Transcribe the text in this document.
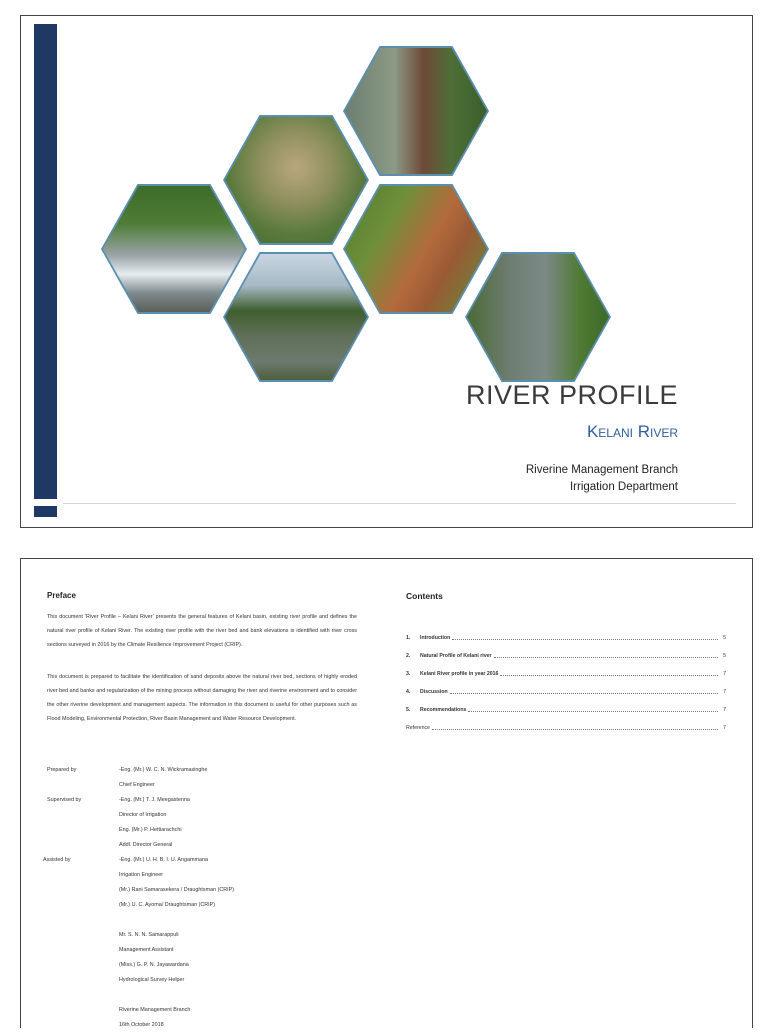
RIVER PROFILE
Kelani River
Riverine Management Branch
Irrigation Department
Preface
This document 'River Profile – Kelani River' presents the general features of Kelani basin, existing river profile and defines the natural river profile of Kelani River. The existing river profile with the river bed and bank elevations is identified with river cross sections surveyed in 2016 by the Climate Resilience Improvement Project (CRIP).
This document is prepared to facilitate the identification of sand deposits above the natural river bed, sections of highly eroded river bed and banks and regularization of the mining process without damaging the river and riverine environment and to consider the other riverine development and management aspects. The information in this document is useful for other purposes such as Flood Modeling, Environmental Protection, River Basin Management and Water Resource Development.
Prepared by	-Eng. (Mr.) W. C. N. Wickramasinghe
Chief Engineer
Supervised by	-Eng. (Mr.) T. J. Meegastenna
Director of Irrigation
Eng. (Mr.) P. Hettiarachchi
Addl. Director General
Assisted by	-Eng. (Mr.) U. H. B. I. U. Angammana
Irrigation Engineer
(Mr.) Rani Samarasekera / Draughtsman (CRIP)
(Mr.) U. C. Ayoma/ Draughtsman (CRIP)
Mr. S. N. N. Samarappuli
Management Assistant
(Miss.) G. P. N. Jayawardana
Hydrological Survey Helper
Riverine Management Branch
16th October 2018
Contents
1.	Introduction	5
2.	Natural Profile of Kelani river	5
3.	Kelani River profile in year 2016	7
4.	Discussion	7
5.	Recommendations	7
Reference	7
